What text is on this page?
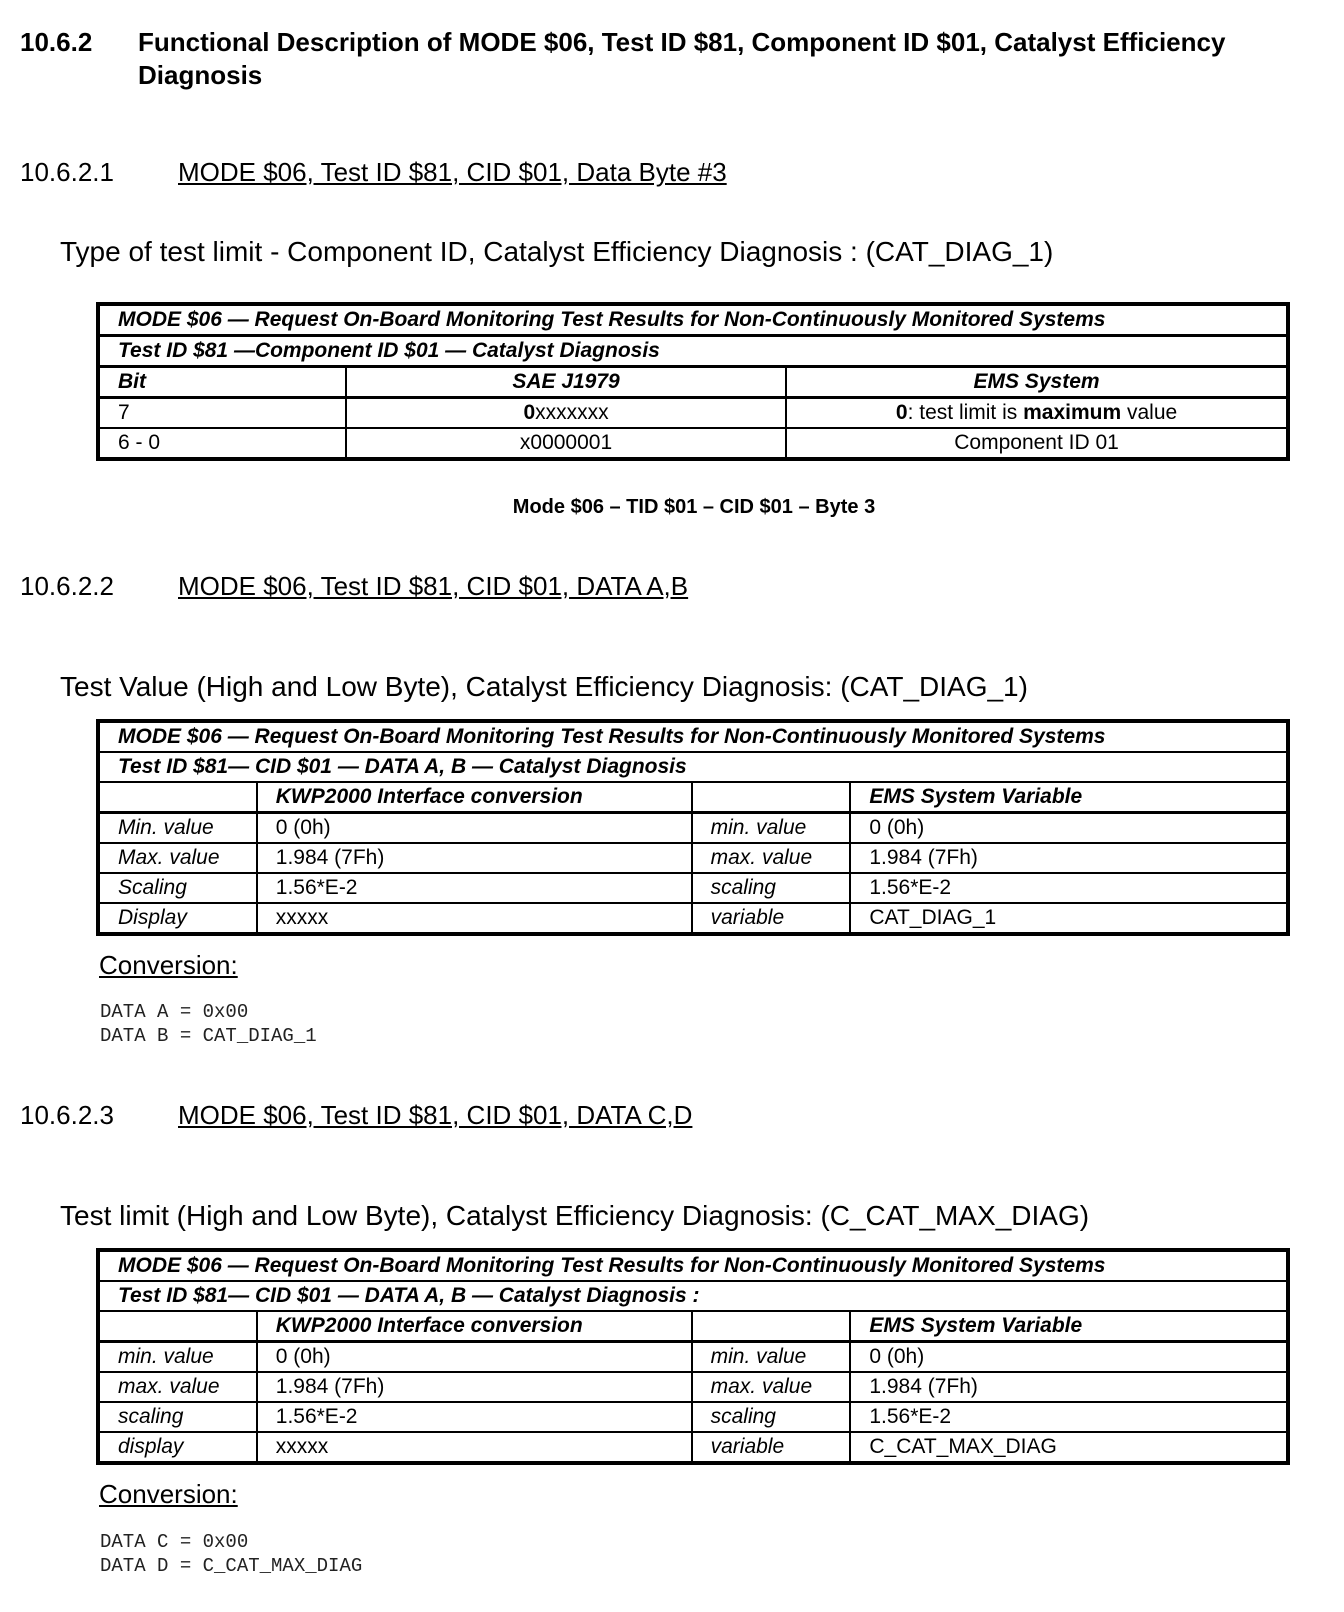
10.6.2 Functional Description of MODE $06, Test ID $81, Component ID $01, Catalyst Efficiency Diagnosis
10.6.2.1 MODE $06, Test ID $81, CID $01, Data Byte #3
Type of test limit - Component ID, Catalyst Efficiency Diagnosis : (CAT_DIAG_1)
MODE $06 — Request On-Board Monitoring Test Results for Non-Continuously Monitored Systems		
Test ID $81 —Component ID $01 — Catalyst Diagnosis		
Bit	SAE J1979	EMS System
7	0xxxxxxx	0: test limit is maximum value
6 - 0	x0000001	Component ID 01
Mode $06 – TID $01 – CID $01 – Byte 3
10.6.2.2 MODE $06, Test ID $81, CID $01, DATA A,B
Test Value (High and Low Byte), Catalyst Efficiency Diagnosis: (CAT_DIAG_1)
MODE $06 — Request On-Board Monitoring Test Results for Non-Continuously Monitored Systems			
Test ID $81— CID $01 — DATA A, B — Catalyst Diagnosis			
	KWP2000 Interface conversion		EMS System Variable
Min. value	0 (0h)	min. value	0 (0h)
Max. value	1.984 (7Fh)	max. value	1.984 (7Fh)
Scaling	1.56*E-2	scaling	1.56*E-2
Display	xxxxx	variable	CAT_DIAG_1
Conversion:
DATA A = 0x00
DATA B = CAT_DIAG_1
10.6.2.3 MODE $06, Test ID $81, CID $01, DATA C,D
Test limit (High and Low Byte), Catalyst Efficiency Diagnosis: (C_CAT_MAX_DIAG)
MODE $06 — Request On-Board Monitoring Test Results for Non-Continuously Monitored Systems			
Test ID $81— CID $01 — DATA A, B — Catalyst Diagnosis :			
	KWP2000 Interface conversion		EMS System Variable
min. value	0 (0h)	min. value	0 (0h)
max. value	1.984 (7Fh)	max. value	1.984 (7Fh)
scaling	1.56*E-2	scaling	1.56*E-2
display	xxxxx	variable	C_CAT_MAX_DIAG
Conversion:
DATA C = 0x00
DATA D = C_CAT_MAX_DIAG
